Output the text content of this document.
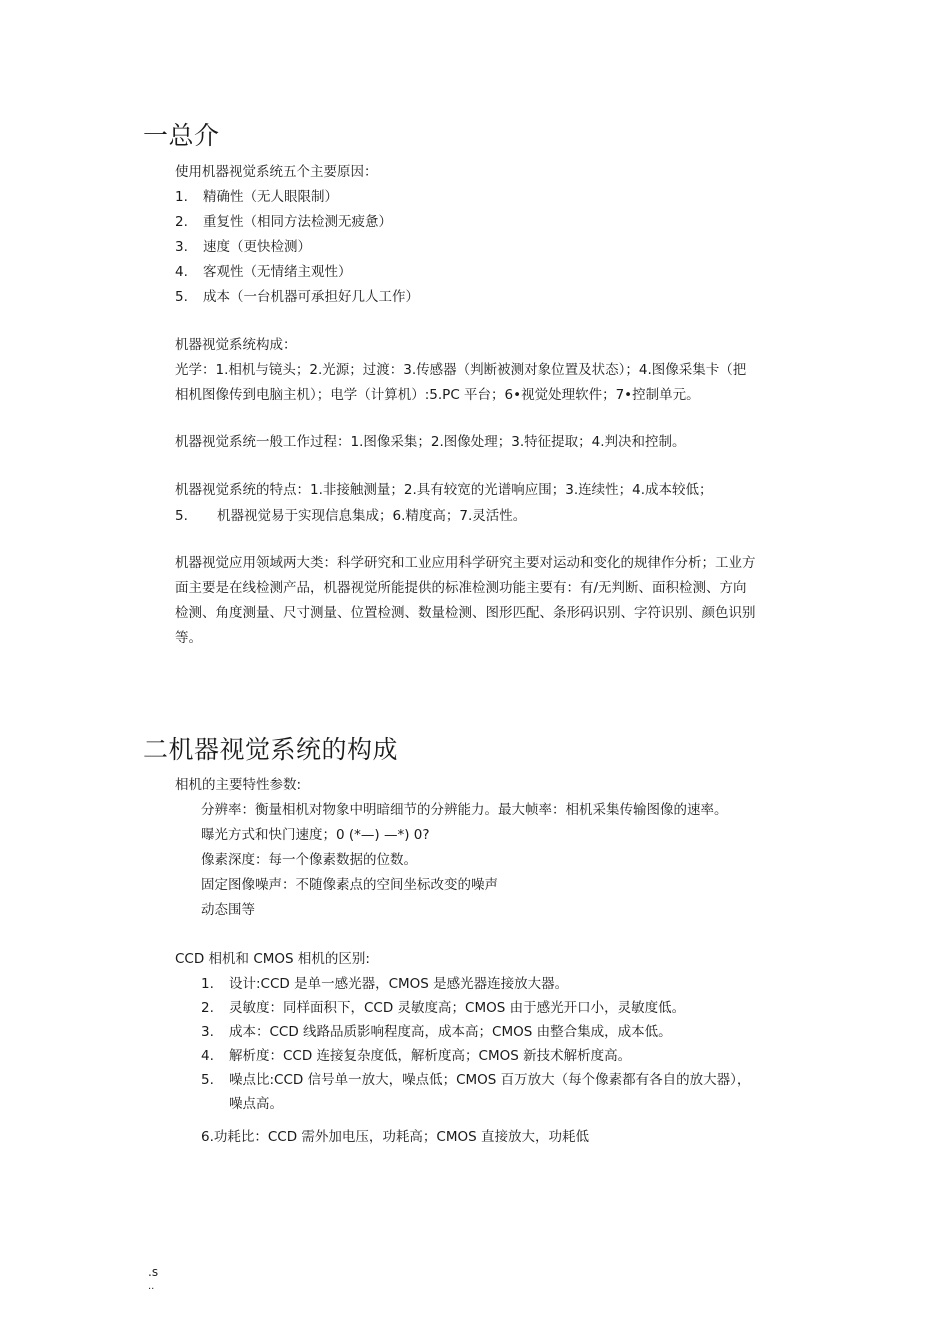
一总介
使用机器视觉系统五个主要原因：
1. 精确性（无人眼限制）
2. 重复性（相同方法检测无疲惫）
3. 速度（更快检测）
4. 客观性（无情绪主观性）
5. 成本（一台机器可承担好几人工作）
机器视觉系统构成：
光学：1.相机与镜头；2.光源；过渡：3.传感器（判断被测对象位置及状态）；4.图像采集卡（把
相机图像传到电脑主机）；电学（计算机）:5.PC 平台；6•视觉处理软件；7•控制单元。
机器视觉系统一般工作过程：1.图像采集；2.图像处理；3.特征提取；4.判决和控制。
机器视觉系统的特点：1.非接触测量；2.具有较宽的光谱响应围；3.连续性；4.成本较低；
5. 机器视觉易于实现信息集成；6.精度高；7.灵活性。
机器视觉应用领域两大类：科学研究和工业应用科学研究主要对运动和变化的规律作分析；工业方
面主要是在线检测产品，机器视觉所能提供的标准检测功能主要有：有/无判断、面积检测、方向
检测、角度测量、尺寸测量、位置检测、数量检测、图形匹配、条形码识别、字符识别、颜色识别
等。
二机器视觉系统的构成
相机的主要特性参数:
分辨率：衡量相机对物象中明暗细节的分辨能力。最大帧率：相机采集传输图像的速率。
曝光方式和快门速度；0 (*—) —*) 0?
像素深度：每一个像素数据的位数。
固定图像噪声：不随像素点的空间坐标改变的噪声
动态围等
CCD 相机和 CMOS 相机的区别:
1. 设计:CCD 是单一感光器，CMOS 是感光器连接放大器。
2. 灵敏度：同样面积下，CCD 灵敏度高；CMOS 由于感光开口小，灵敏度低。
3. 成本：CCD 线路品质影响程度高，成本高；CMOS 由整合集成，成本低。
4. 解析度：CCD 连接复杂度低，解析度高；CMOS 新技术解析度高。
5. 噪点比:CCD 信号单一放大，噪点低；CMOS 百万放大（每个像素都有各自的放大器），
噪点高。
6.功耗比：CCD 需外加电压，功耗高；CMOS 直接放大，功耗低
.s
..
